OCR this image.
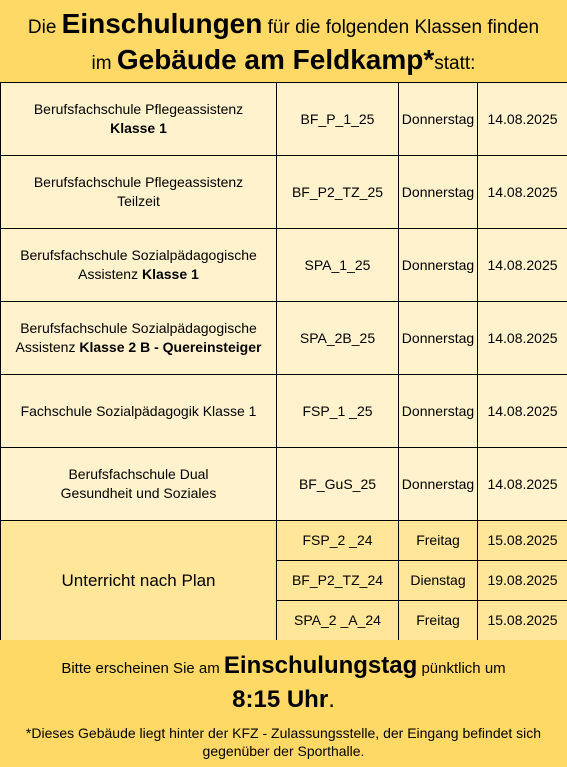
Die Einschulungen für die folgenden Klassen finden
im Gebäude am Feldkamp*statt:
Berufsfachschule Pflegeassistenz
Klasse 1	BF_P_1_25	Donnerstag	14.08.2025
Berufsfachschule Pflegeassistenz
Teilzeit	BF_P2_TZ_25	Donnerstag	14.08.2025
Berufsfachschule Sozialpädagogische
Assistenz Klasse 1	SPA_1_25	Donnerstag	14.08.2025
Berufsfachschule Sozialpädagogische
Assistenz Klasse 2 B - Quereinsteiger	SPA_2B_25	Donnerstag	14.08.2025
Fachschule Sozialpädagogik Klasse 1	FSP_1 _25	Donnerstag	14.08.2025
Berufsfachschule Dual
Gesundheit und Soziales	BF_GuS_25	Donnerstag	14.08.2025
Unterricht nach Plan	FSP_2 _24	Freitag	15.08.2025
	BF_P2_TZ_24	Dienstag	19.08.2025
	SPA_2 _A_24	Freitag	15.08.2025
Bitte erscheinen Sie am Einschulungstag pünktlich um
8:15 Uhr.
*Dieses Gebäude liegt hinter der KFZ - Zulassungsstelle, der Eingang befindet sich gegenüber der Sporthalle.
